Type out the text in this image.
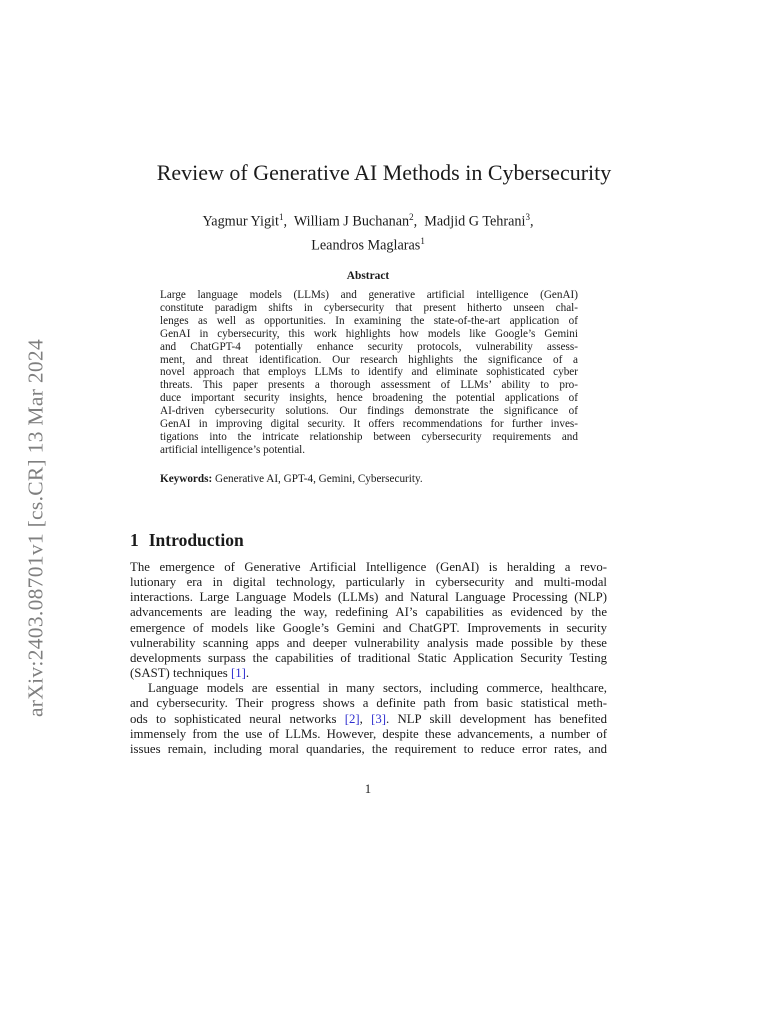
arXiv:2403.08701v1 [cs.CR] 13 Mar 2024
Review of Generative AI Methods in Cybersecurity
Yagmur Yigit$^1$,  William J Buchanan$^2$,  Madjid G Tehrani$^3$,
Leandros Maglaras$^1$
Abstract
Large language models (LLMs) and generative artificial intelligence (GenAI)
constitute paradigm shifts in cybersecurity that present hitherto unseen chal-
lenges as well as opportunities. In examining the state-of-the-art application of
GenAI in cybersecurity, this work highlights how models like Google’s Gemini
and ChatGPT-4 potentially enhance security protocols, vulnerability assess-
ment, and threat identification. Our research highlights the significance of a
novel approach that employs LLMs to identify and eliminate sophisticated cyber
threats. This paper presents a thorough assessment of LLMs’ ability to pro-
duce important security insights, hence broadening the potential applications of
AI-driven cybersecurity solutions. Our findings demonstrate the significance of
GenAI in improving digital security. It offers recommendations for further inves-
tigations into the intricate relationship between cybersecurity requirements and
artificial intelligence’s potential.
Keywords: Generative AI, GPT-4, Gemini, Cybersecurity.
1 Introduction
The emergence of Generative Artificial Intelligence (GenAI) is heralding a revo-
lutionary era in digital technology, particularly in cybersecurity and multi-modal
interactions. Large Language Models (LLMs) and Natural Language Processing (NLP)
advancements are leading the way, redefining AI’s capabilities as evidenced by the
emergence of models like Google’s Gemini and ChatGPT. Improvements in security
vulnerability scanning apps and deeper vulnerability analysis made possible by these
developments surpass the capabilities of traditional Static Application Security Testing
(SAST) techniques [1].
Language models are essential in many sectors, including commerce, healthcare,
and cybersecurity. Their progress shows a definite path from basic statistical meth-
ods to sophisticated neural networks [2], [3]. NLP skill development has benefited
immensely from the use of LLMs. However, despite these advancements, a number of
issues remain, including moral quandaries, the requirement to reduce error rates, and
1
